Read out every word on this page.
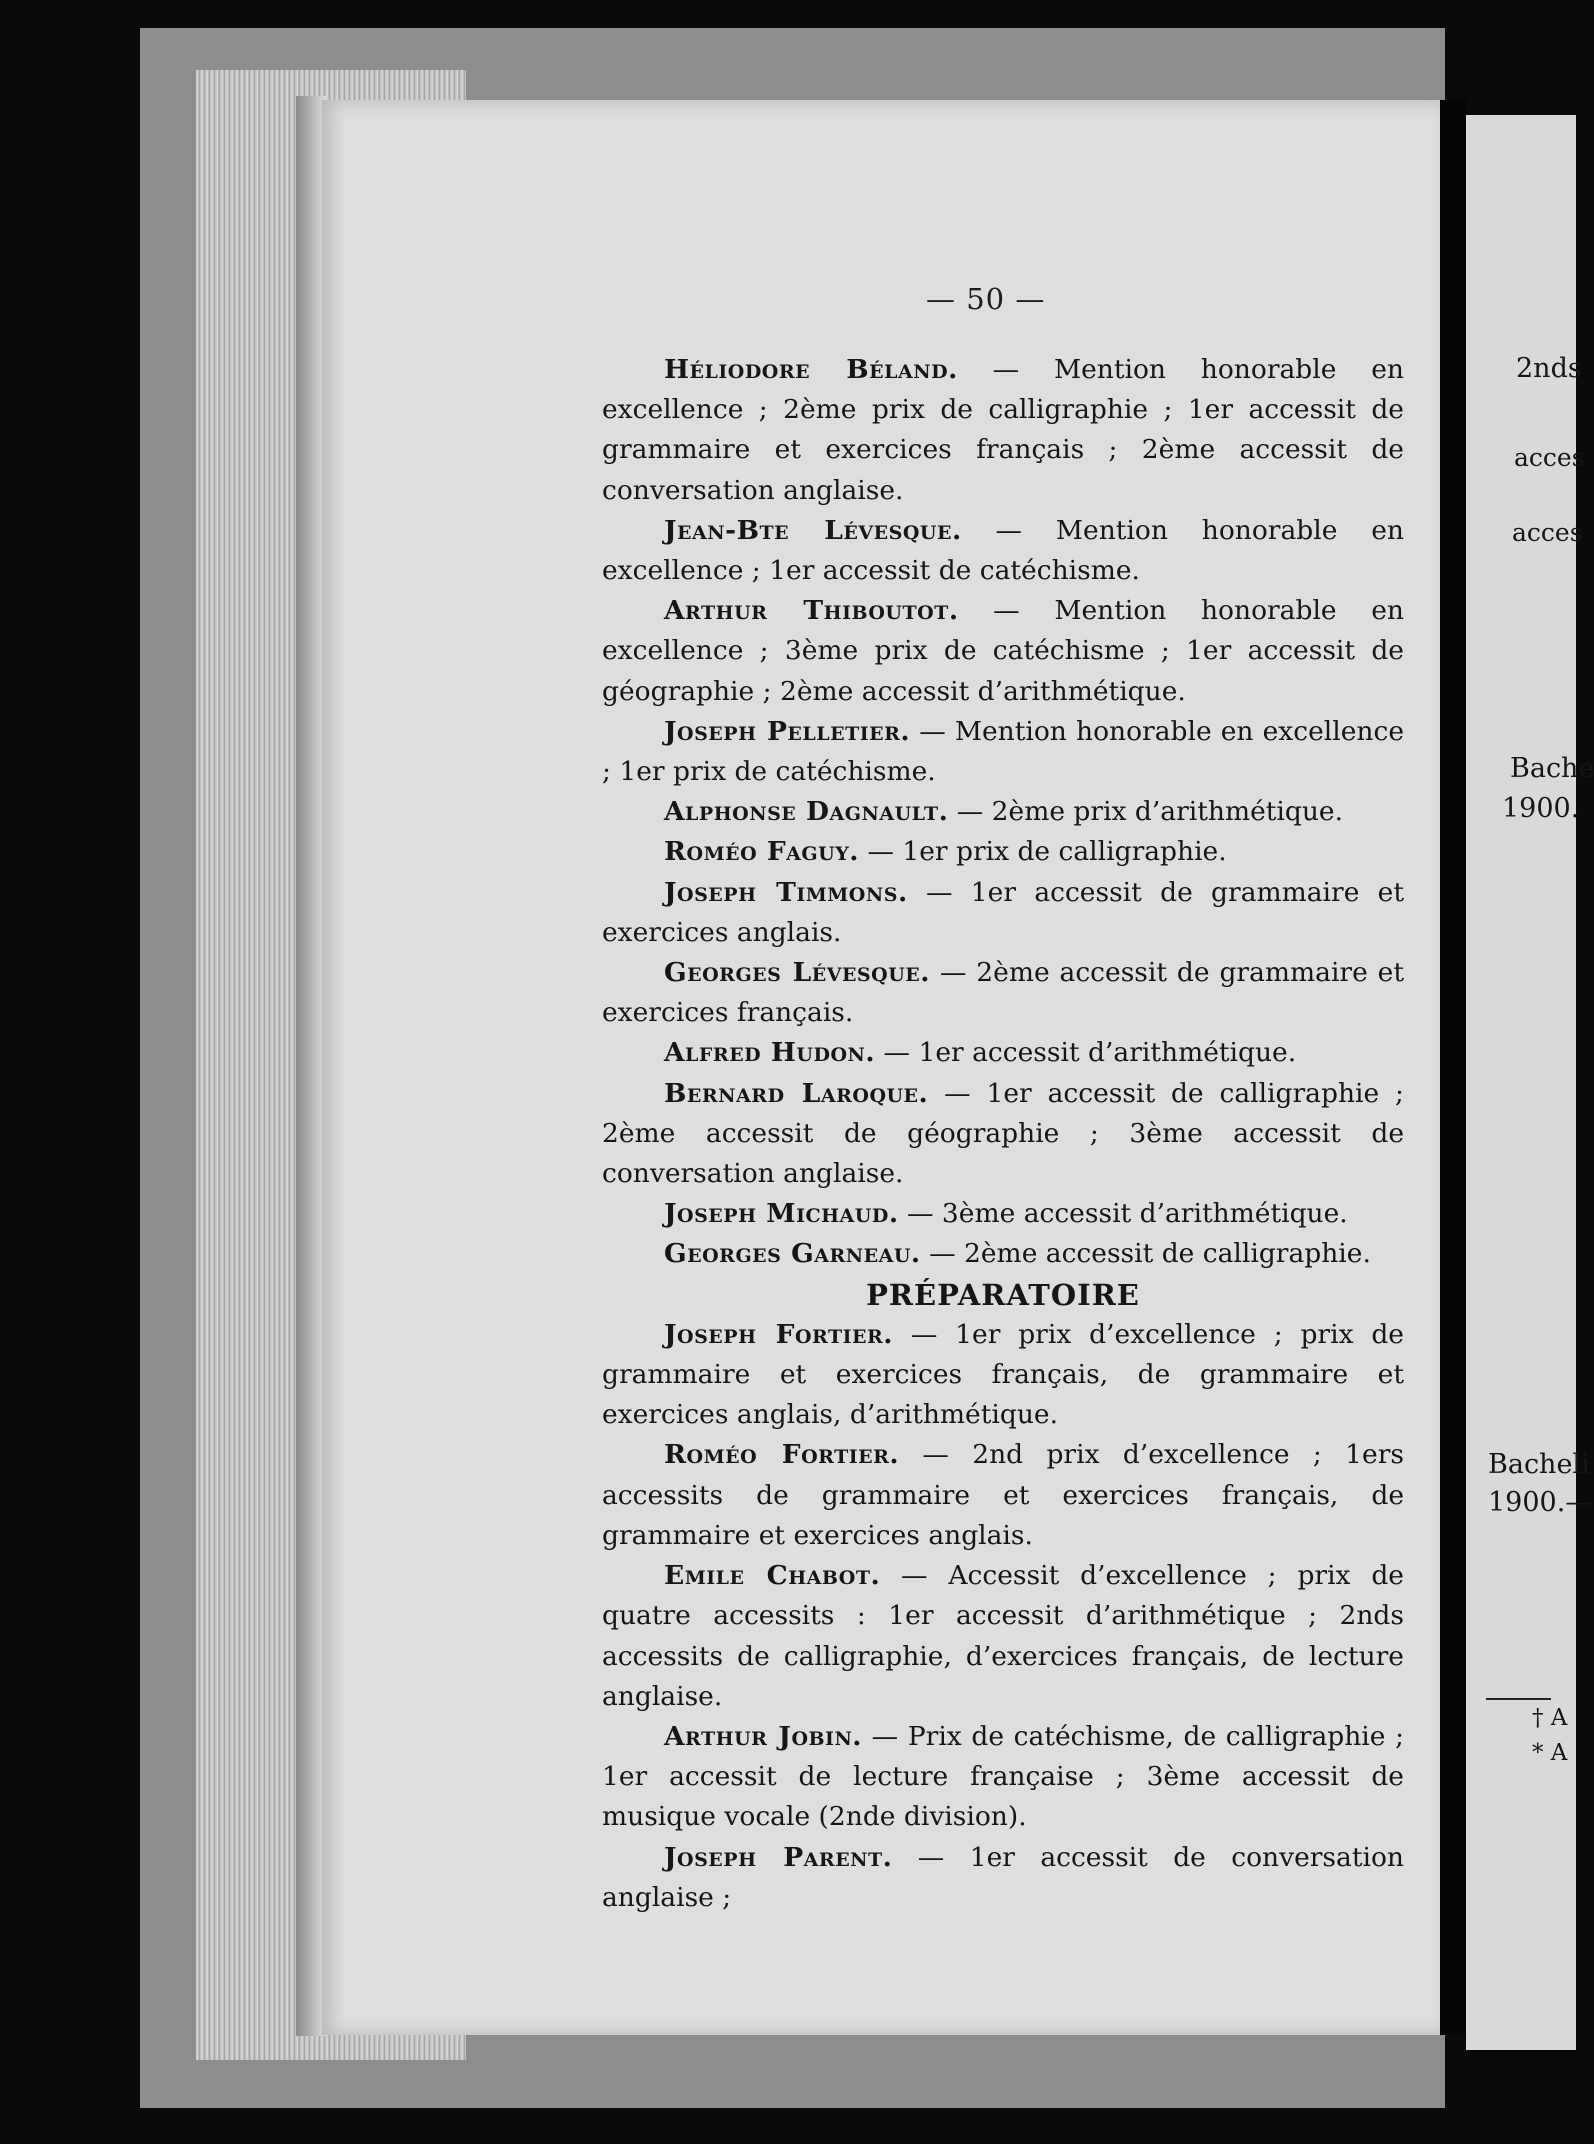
— 50 —

Héliodore Béland. — Mention honorable en excellence ; 2ème prix de calligraphie ; 1er accessit de grammaire et exercices français ; 2ème accessit de conversation anglaise.

Jean-Bte Lévesque. — Mention honorable en excellence ; 1er accessit de catéchisme.

Arthur Thiboutot. — Mention honorable en excellence ; 3ème prix de catéchisme ; 1er accessit de géographie ; 2ème accessit d’arithmétique.

Joseph Pelletier. — Mention honorable en excellence ; 1er prix de catéchisme.

Alphonse Dagnault. — 2ème prix d’arithmétique.

Roméo Faguy. — 1er prix de calligraphie.

Joseph Timmons. — 1er accessit de grammaire et exercices anglais.

Georges Lévesque. — 2ème accessit de grammaire et exercices français.

Alfred Hudon. — 1er accessit d’arithmétique.

Bernard Laroque. — 1er accessit de calligraphie ; 2ème accessit de géographie ; 3ème accessit de conversation anglaise.

Joseph Michaud. — 3ème accessit d’arithmétique.

Georges Garneau. — 2ème accessit de calligraphie.

PRÉPARATOIRE

Joseph Fortier. — 1er prix d’excellence ; prix de grammaire et exercices français, de grammaire et exercices anglais, d’arithmétique.

Roméo Fortier. — 2nd prix d’excellence ; 1ers accessits de grammaire et exercices français, de grammaire et exercices anglais.

Emile Chabot. — Accessit d’excellence ; prix de quatre accessits : 1er accessit d’arithmétique ; 2nds accessits de calligraphie, d’exercices français, de lecture anglaise.

Arthur Jobin. — Prix de catéchisme, de calligraphie ; 1er accessit de lecture française ; 3ème accessit de musique vocale (2nde division).

Joseph Parent. — 1er accessit de conversation anglaise ;

2nds
acces
acces
Bache
1900.
Bacheli
1900.—
† A
* A
